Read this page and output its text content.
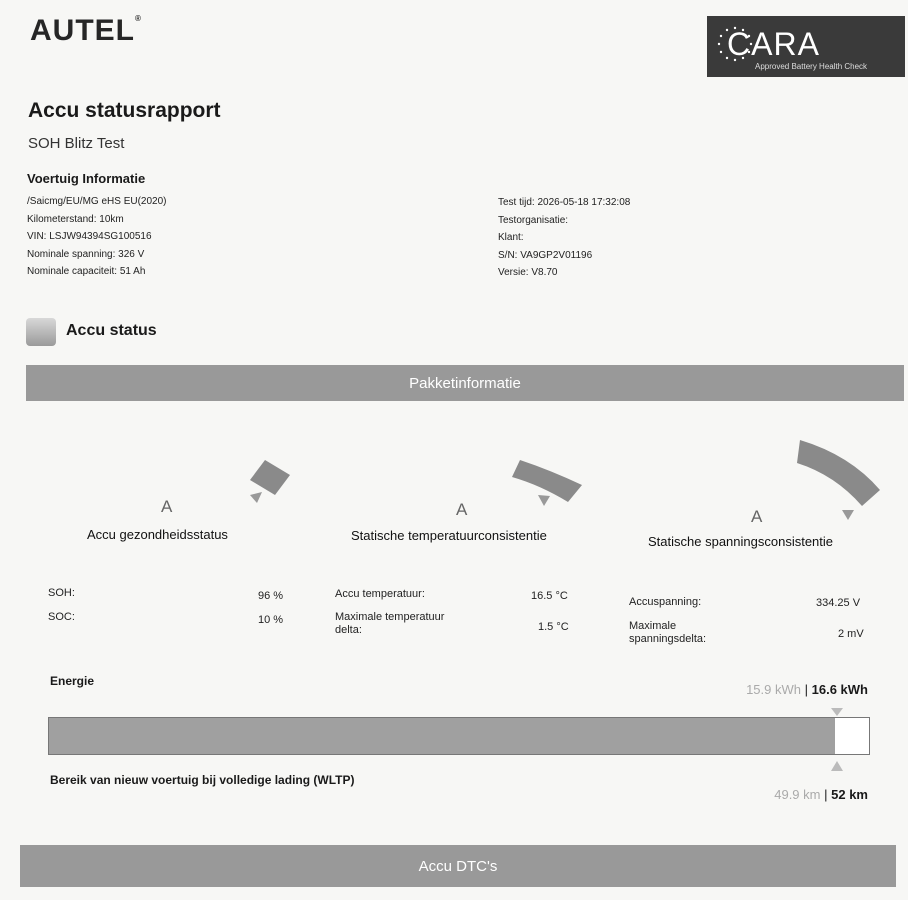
AUTEL®
CARA
Approved Battery Health Check
Accu statusrapport
SOH Blitz Test
Voertuig Informatie
/Saicmg/EU/MG eHS EU(2020)
Kilometerstand: 10km
VIN: LSJW94394SG100516
Nominale spanning: 326 V
Nominale capaciteit: 51 Ah
Test tijd: 2026-05-18 17:32:08
Testorganisatie:
Klant:
S/N: VA9GP2V01196
Versie: V8.70
Accu status
Pakketinformatie
A
Accu gezondheidsstatus
A
Statische temperatuurconsistentie
A
Statische spanningsconsistentie
SOH:	96 %
SOC:	10 %
Accu temperatuur:	16.5 °C
Maximale temperatuur delta:	1.5 °C
Accuspanning:	334.25 V
Maximale spanningsdelta:	2 mV
Energie
15.9 kWh | 16.6 kWh
Bereik van nieuw voertuig bij volledige lading (WLTP)
49.9 km | 52 km
Accu DTC's
